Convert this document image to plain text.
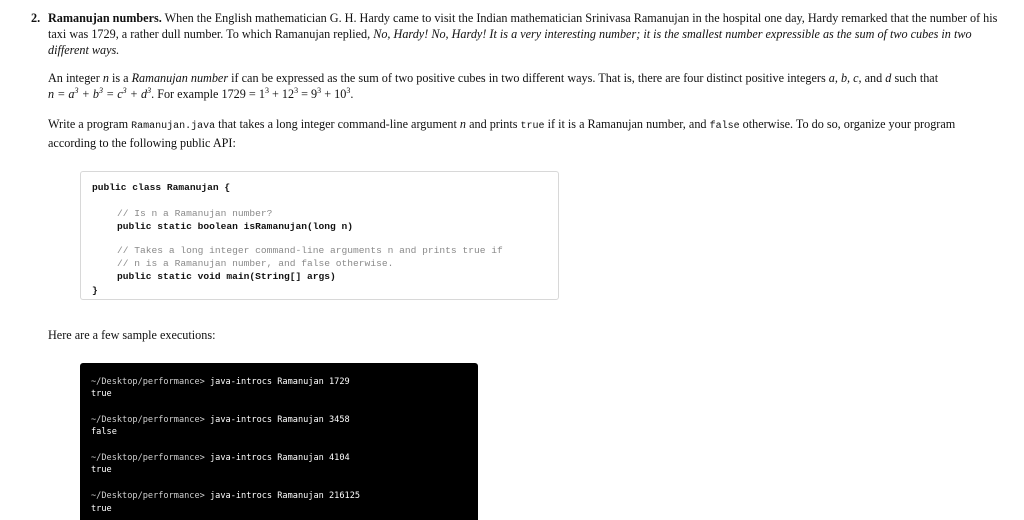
2. Ramanujan numbers. When the English mathematician G. H. Hardy came to visit the Indian mathematician Srinivasa Ramanujan in the hospital one day, Hardy remarked that the number of his taxi was 1729, a rather dull number. To which Ramanujan replied, No, Hardy! No, Hardy! It is a very interesting number; it is the smallest number expressible as the sum of two cubes in two different ways.

An integer n is a Ramanujan number if can be expressed as the sum of two positive cubes in two different ways. That is, there are four distinct positive integers a, b, c, and d such that
$n = a^3 + b^3 = c^3 + d^3$. For example $1729 = 1^3 + 12^3 = 9^3 + 10^3$.

Write a program Ramanujan.java that takes a long integer command-line argument n and prints true if it is a Ramanujan number, and false otherwise. To do so, organize your program according to the following public API:

public class Ramanujan {
// Is n a Ramanujan number?
public static boolean isRamanujan(long n)
// Takes a long integer command-line arguments n and prints true if
// n is a Ramanujan number, and false otherwise.
public static void main(String[] args)
}

Here are a few sample executions:

~/Desktop/performance> java-introcs Ramanujan 1729
true
~/Desktop/performance> java-introcs Ramanujan 3458
false
~/Desktop/performance> java-introcs Ramanujan 4104
true
~/Desktop/performance> java-introcs Ramanujan 216125
true
